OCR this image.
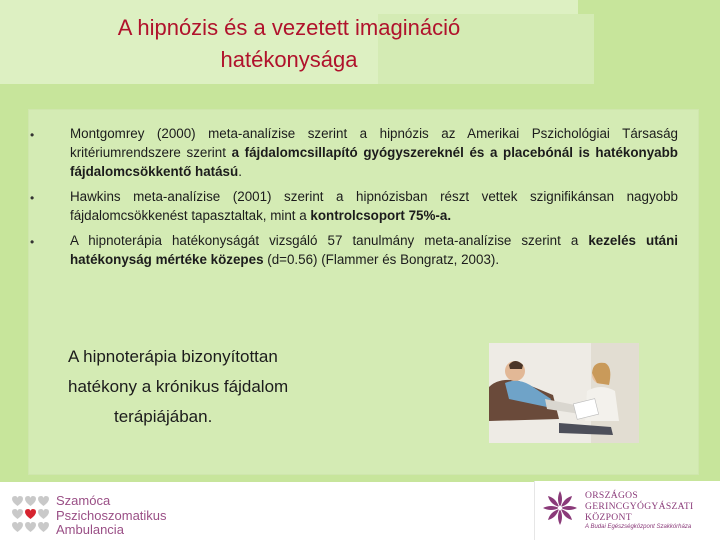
A hipnózis és a vezetett imagináció
hatékonysága
•	Montgomrey (2000) meta-analízise szerint a hipnózis az Amerikai Pszichológiai Társaság kritériumrendszere szerint a fájdalomcsillapító gyógyszereknél és a placebónál is hatékonyabb fájdalomcsökkentő hatású.
•	Hawkins meta-analízise (2001) szerint a hipnózisban részt vettek szignifikánsan nagyobb fájdalomcsökkenést tapasztaltak, mint a kontrolcsoport 75%-a.
•	A hipnoterápia hatékonyságát vizsgáló 57 tanulmány meta-analízise szerint a kezelés utáni hatékonyság mértéke közepes (d=0.56) (Flammer és Bongratz, 2003).
A hipnoterápia bizonyítottan
hatékony a krónikus fájdalom
terápiájában.
Szamóca
Pszichoszomatikus
Ambulancia
ORSZÁGOS
GERINCGYÓGYÁSZATI
KÖZPONT
A Budai Egészségközpont Szakkórháza
